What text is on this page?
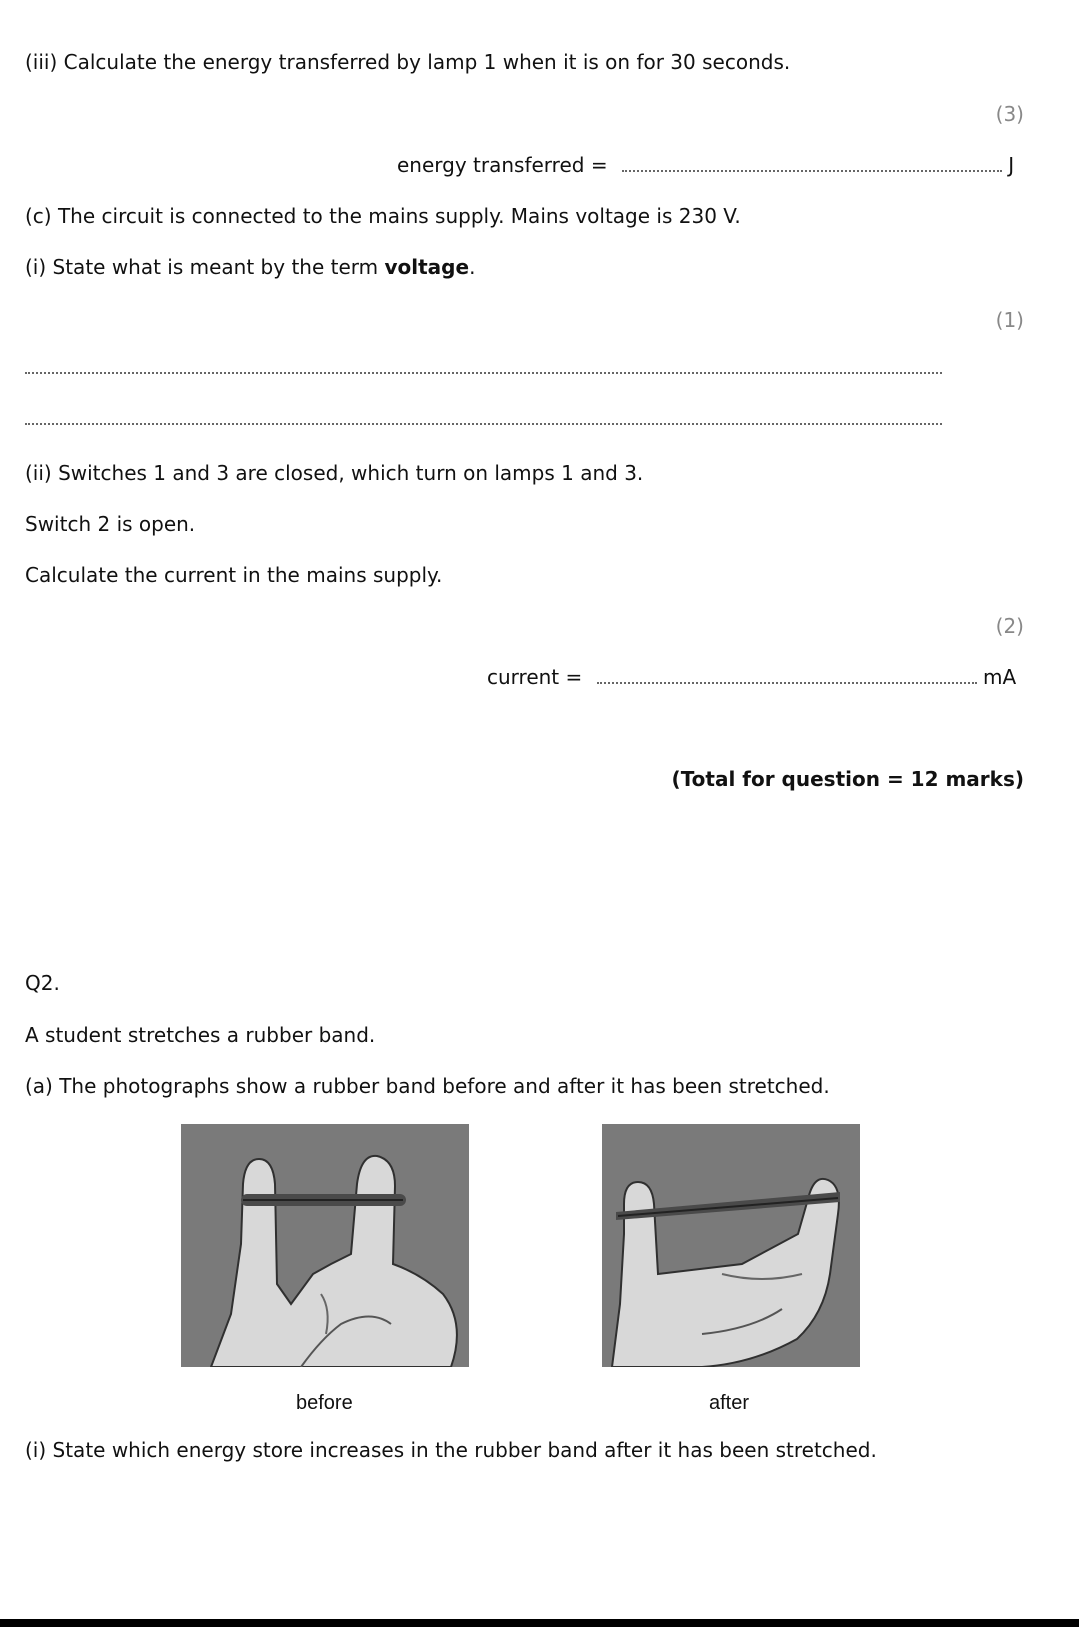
(iii) Calculate the energy transferred by lamp 1 when it is on for 30 seconds.
(3)
energy transferred =	J
(c) The circuit is connected to the mains supply. Mains voltage is 230 V.
(i) State what is meant by the term voltage.
(1)
(ii) Switches 1 and 3 are closed, which turn on lamps 1 and 3.
Switch 2 is open.
Calculate the current in the mains supply.
(2)
current =	mA
(Total for question = 12 marks)
Q2.
A student stretches a rubber band.
(a) The photographs show a rubber band before and after it has been stretched.
before	after
(i) State which energy store increases in the rubber band after it has been stretched.
